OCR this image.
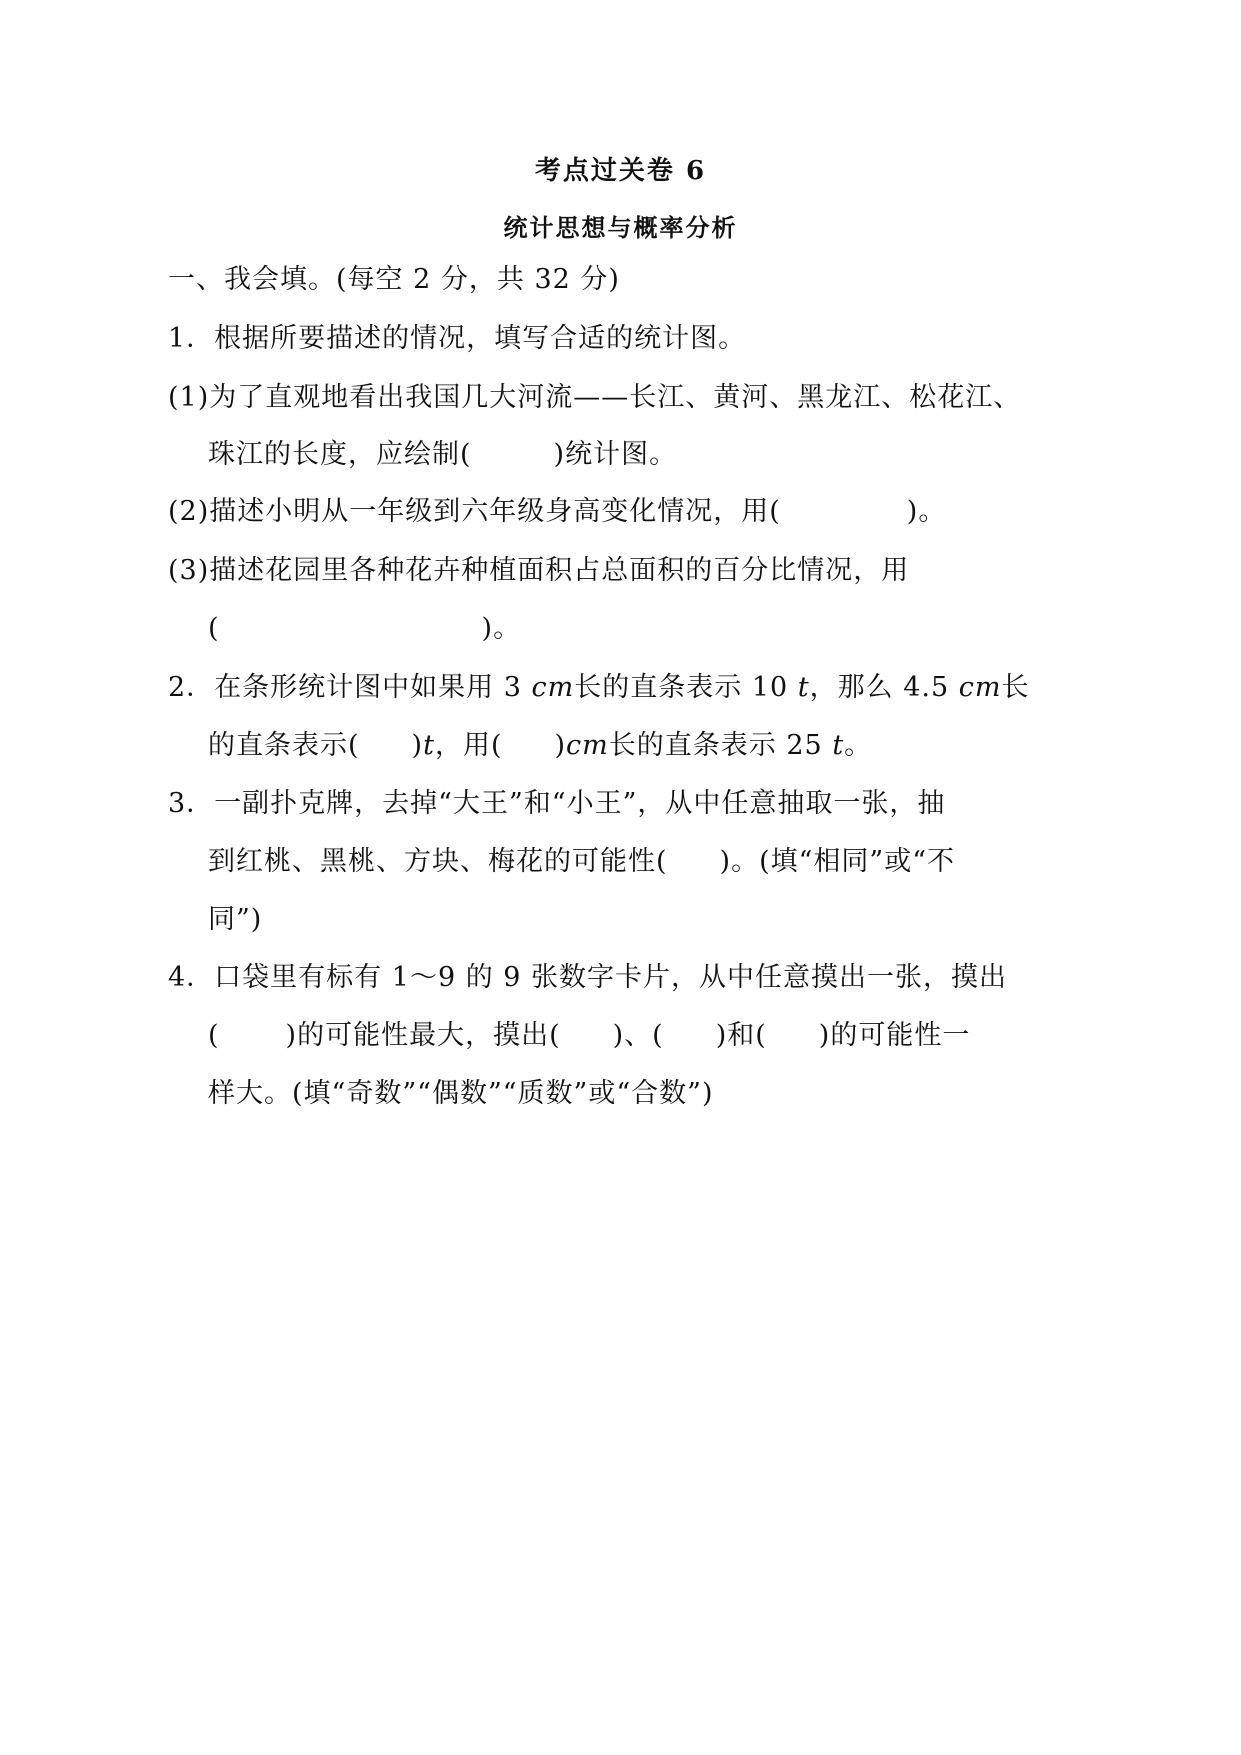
考点过关卷 6
统计思想与概率分析
一、我会填。(每空 2 分，共 32 分)
1．根据所要描述的情况，填写合适的统计图。
(1)为了直观地看出我国几大河流——长江、黄河、黑龙江、松花江、
珠江的长度，应绘制(	)统计图。
(2)描述小明从一年级到六年级身高变化情况，用(	)。
(3)描述花园里各种花卉种植面积占总面积的百分比情况，用
(	)。
2．在条形统计图中如果用 3 cm长的直条表示 10 t，那么 4.5 cm长
的直条表示( )t，用( )cm长的直条表示 25 t。
3．一副扑克牌，去掉“大王”和“小王”，从中任意抽取一张，抽
到红桃、黑桃、方块、梅花的可能性( )。(填“相同”或“不
同”)
4．口袋里有标有 1～9 的 9 张数字卡片，从中任意摸出一张，摸出
( )的可能性最大，摸出( )、( )和( )的可能性一
样大。(填“奇数”“偶数”“质数”或“合数”)
